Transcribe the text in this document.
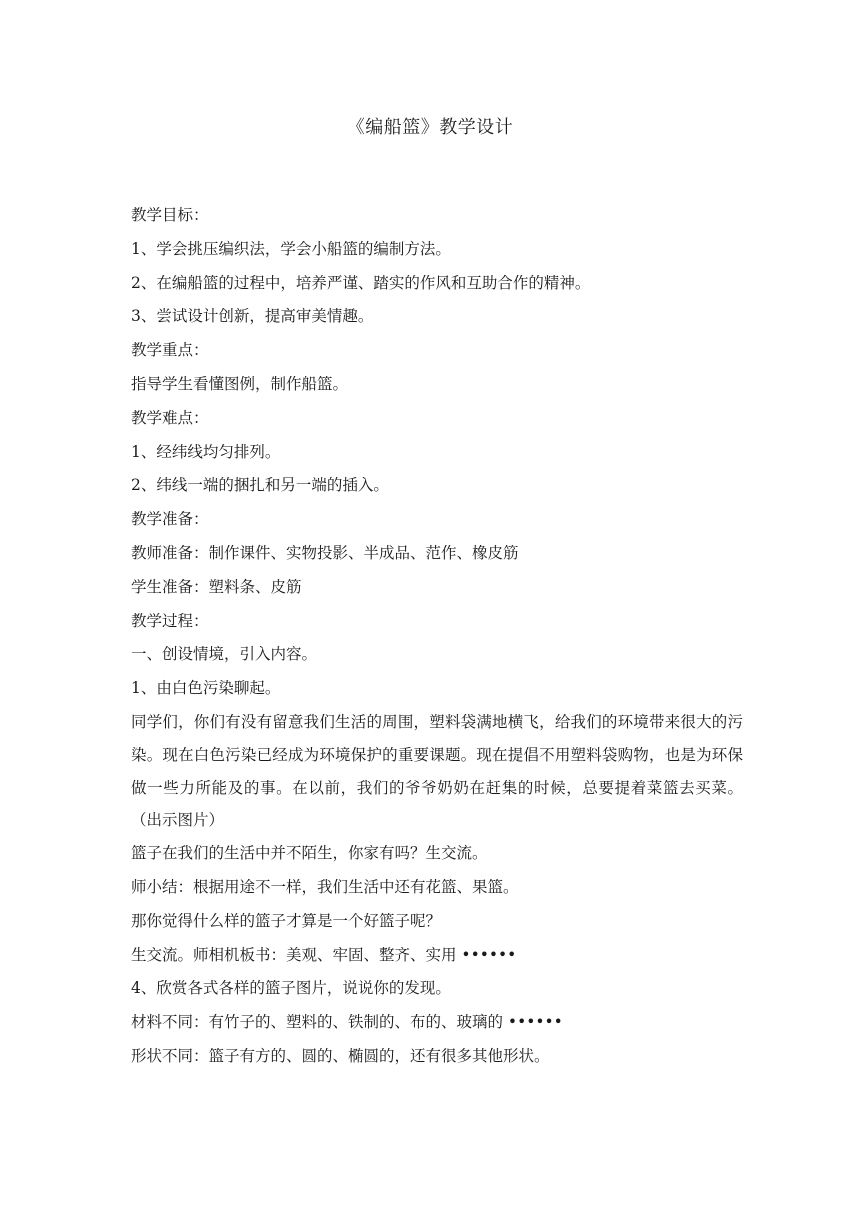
《编船篮》教学设计
教学目标：
1、学会挑压编织法，学会小船篮的编制方法。
2、在编船篮的过程中，培养严谨、踏实的作风和互助合作的精神。
3、尝试设计创新，提高审美情趣。
教学重点：
指导学生看懂图例，制作船篮。
教学难点：
1、经纬线均匀排列。
2、纬线一端的捆扎和另一端的插入。
教学准备：
教师准备：制作课件、实物投影、半成品、范作、橡皮筋
学生准备：塑料条、皮筋
教学过程：
一、创设情境，引入内容。
1、由白色污染聊起。
同学们，你们有没有留意我们生活的周围，塑料袋满地横飞，给我们的环境带来很大的污染。现在白色污染已经成为环境保护的重要课题。现在提倡不用塑料袋购物，也是为环保做一些力所能及的事。在以前，我们的爷爷奶奶在赶集的时候，总要提着菜篮去买菜。（出示图片）
篮子在我们的生活中并不陌生，你家有吗？生交流。
师小结：根据用途不一样，我们生活中还有花篮、果篮。
那你觉得什么样的篮子才算是一个好篮子呢？
生交流。师相机板书：美观、牢固、整齐、实用 ••••••
4、欣赏各式各样的篮子图片，说说你的发现。
材料不同：有竹子的、塑料的、铁制的、布的、玻璃的 ••••••
形状不同：篮子有方的、圆的、椭圆的，还有很多其他形状。
